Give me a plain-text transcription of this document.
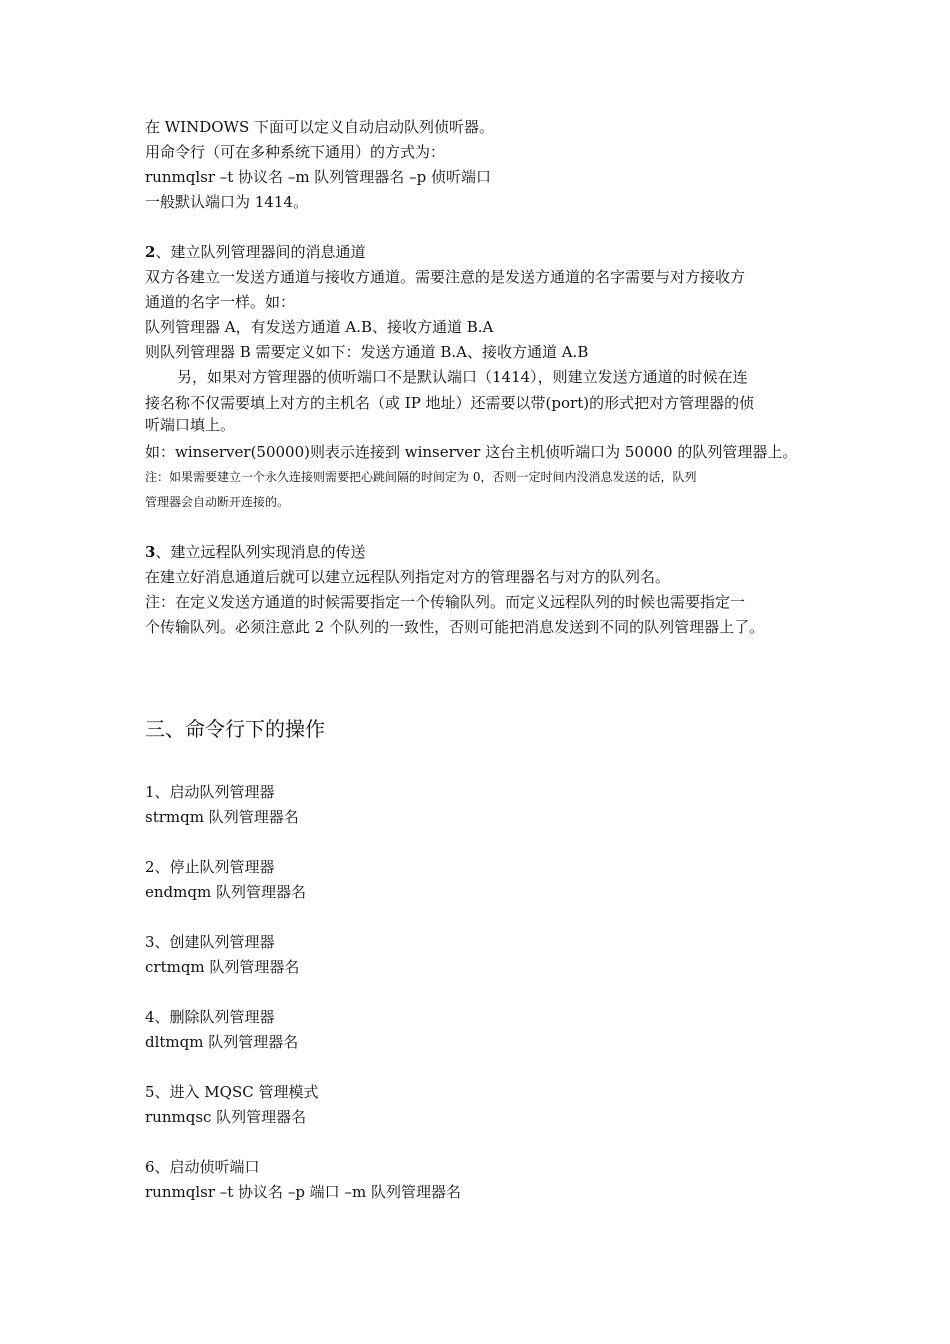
在 WINDOWS 下面可以定义自动启动队列侦听器。
用命令行（可在多种系统下通用）的方式为：
runmqlsr –t 协议名 –m 队列管理器名 –p 侦听端口
一般默认端口为 1414。
2、建立队列管理器间的消息通道
双方各建立一发送方通道与接收方通道。需要注意的是发送方通道的名字需要与对方接收方
通道的名字一样。如：
队列管理器 A，有发送方通道 A.B、接收方通道 B.A
则队列管理器 B 需要定义如下：发送方通道 B.A、接收方通道 A.B
另，如果对方管理器的侦听端口不是默认端口（1414），则建立发送方通道的时候在连
接名称不仅需要填上对方的主机名（或 IP 地址）还需要以带(port)的形式把对方管理器的侦
听端口填上。
如：winserver(50000)则表示连接到 winserver 这台主机侦听端口为 50000 的队列管理器上。
注：如果需要建立一个永久连接则需要把心跳间隔的时间定为 0，否则一定时间内没消息发送的话，队列
管理器会自动断开连接的。
3、建立远程队列实现消息的传送
在建立好消息通道后就可以建立远程队列指定对方的管理器名与对方的队列名。
注：在定义发送方通道的时候需要指定一个传输队列。而定义远程队列的时候也需要指定一
个传输队列。必须注意此 2 个队列的一致性，否则可能把消息发送到不同的队列管理器上了。
三、命令行下的操作
1、启动队列管理器
strmqm 队列管理器名
2、停止队列管理器
endmqm 队列管理器名
3、创建队列管理器
crtmqm 队列管理器名
4、删除队列管理器
dltmqm 队列管理器名
5、进入 MQSC 管理模式
runmqsc 队列管理器名
6、启动侦听端口
runmqlsr –t 协议名 –p 端口 –m 队列管理器名
